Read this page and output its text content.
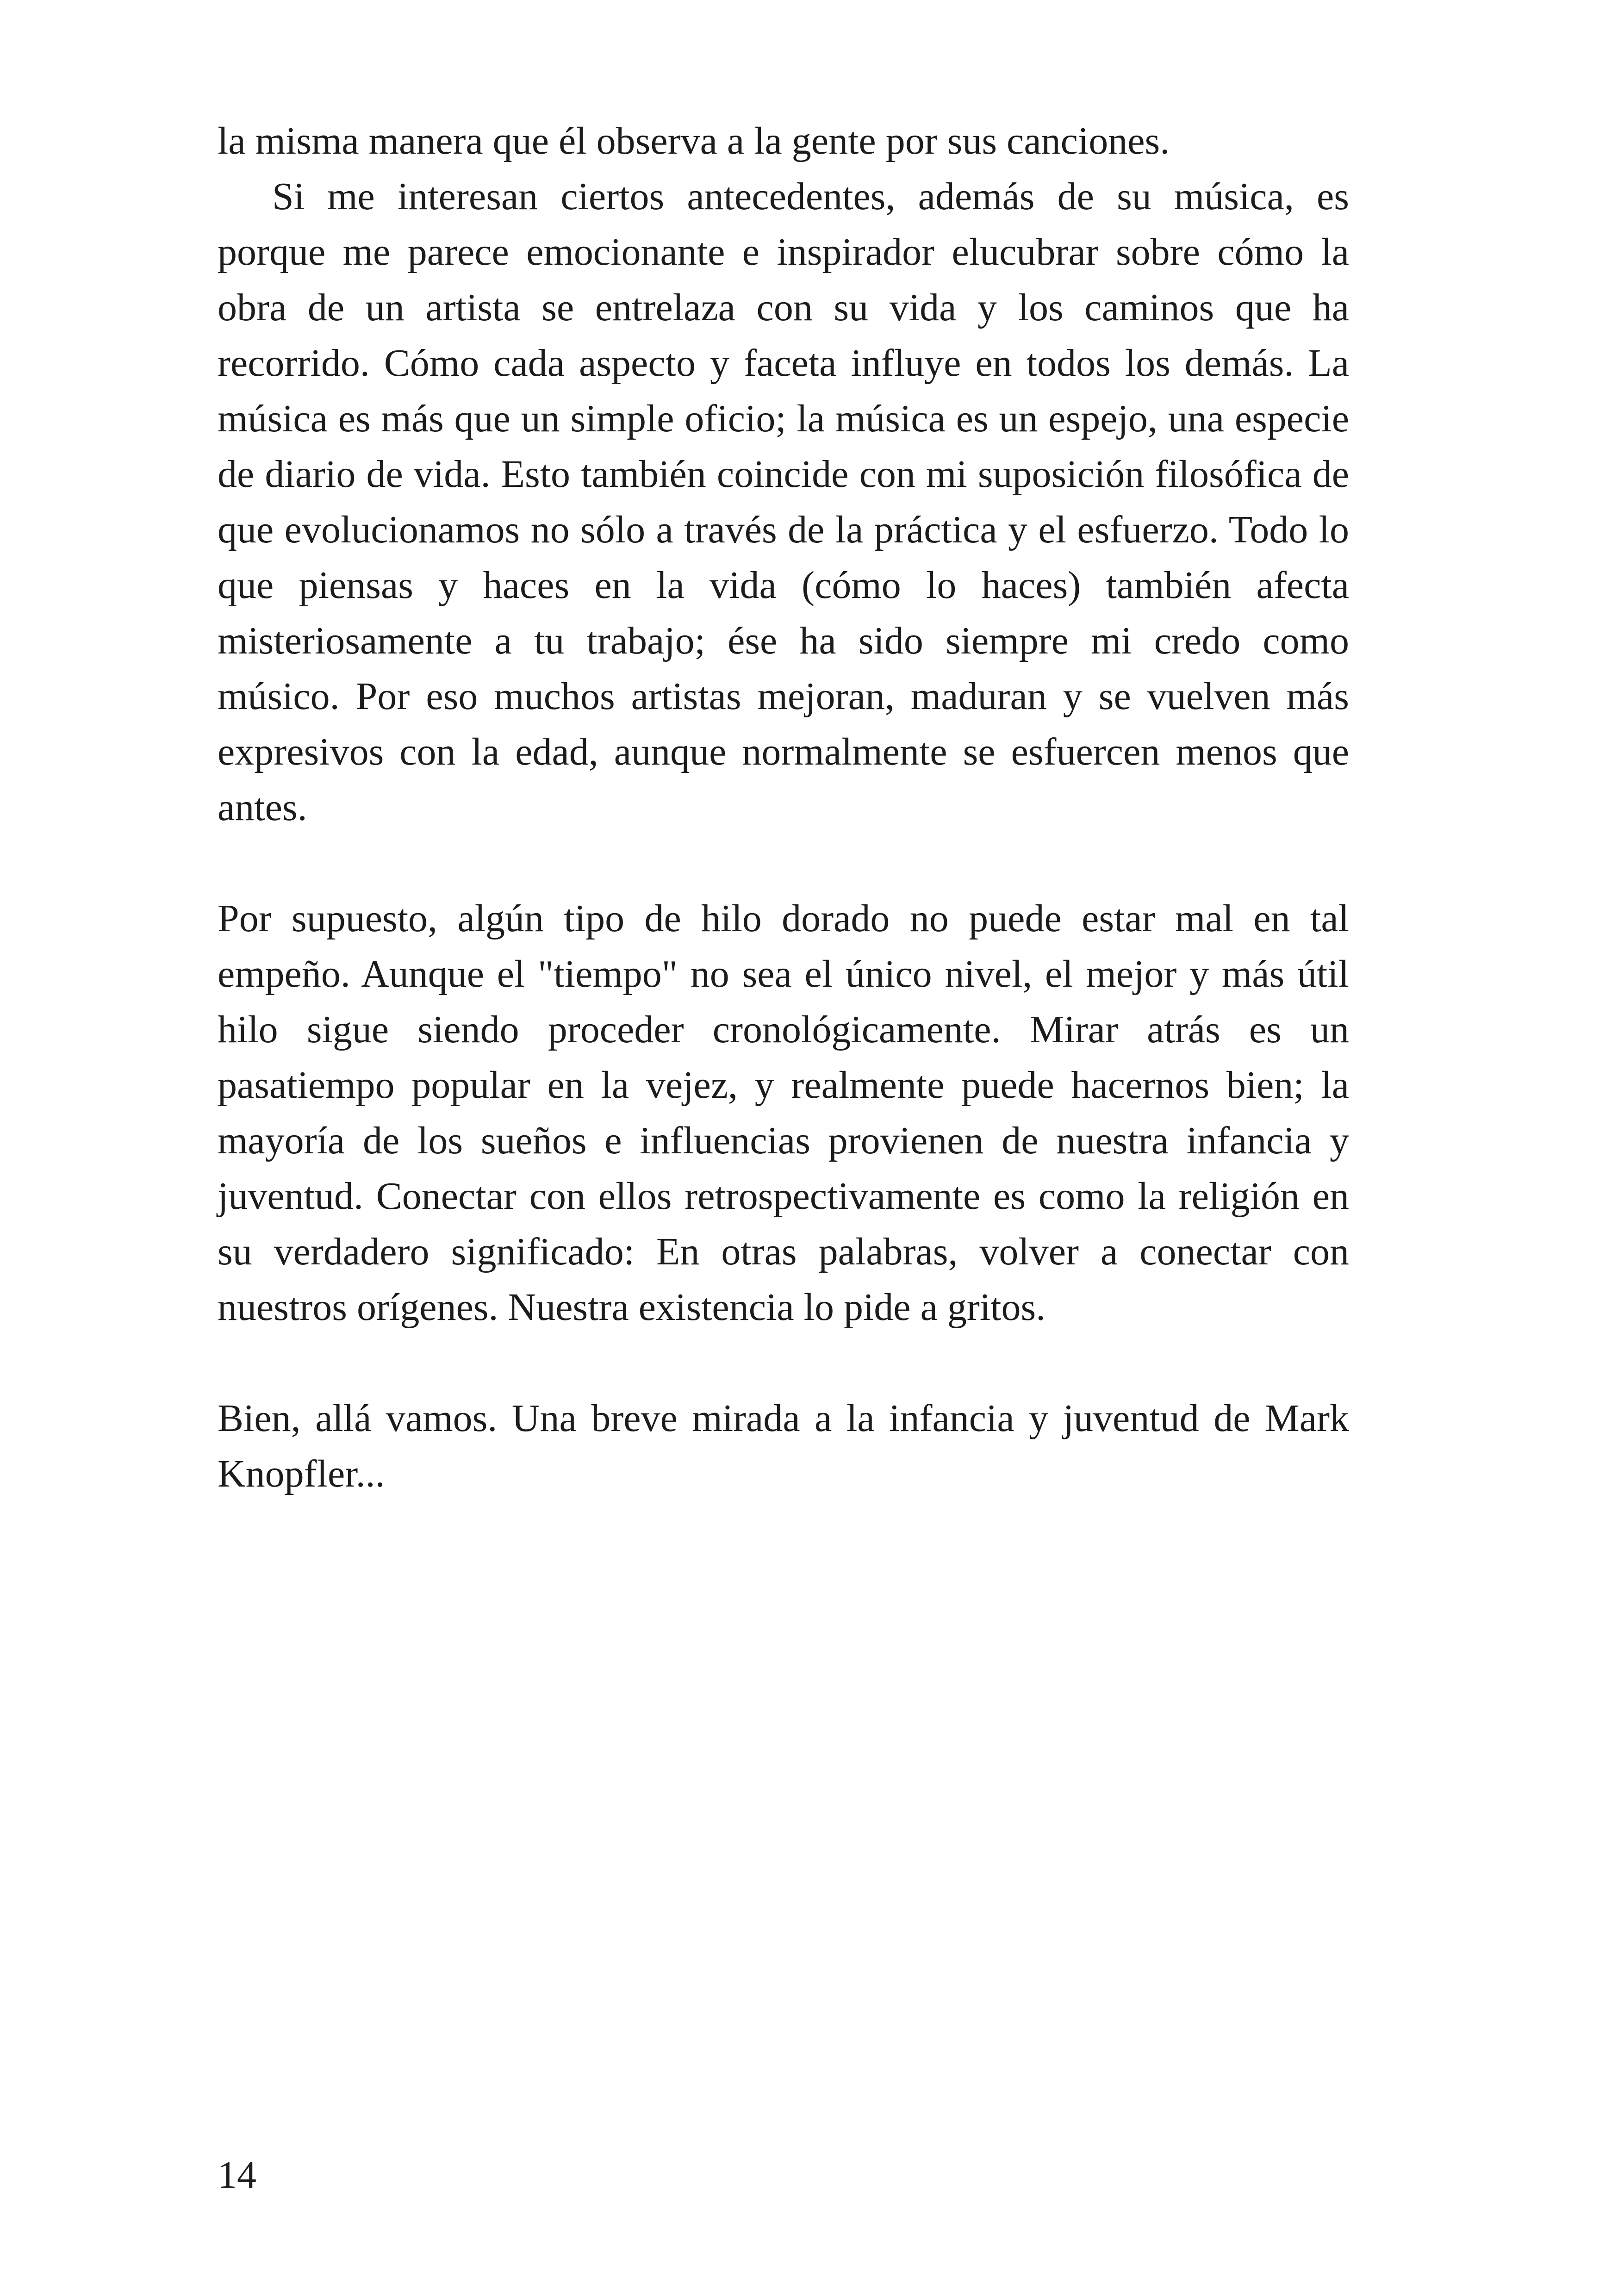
la misma manera que él observa a la gente por sus canciones.

Si me interesan ciertos antecedentes, además de su música, es porque me parece emocionante e inspirador elucubrar sobre cómo la obra de un artista se entrelaza con su vida y los caminos que ha recorrido. Cómo cada aspecto y faceta influye en todos los demás. La música es más que un simple oficio; la música es un espejo, una especie de diario de vida. Esto también coincide con mi suposición filosófica de que evolucionamos no sólo a través de la práctica y el esfuerzo. Todo lo que piensas y haces en la vida (cómo lo haces) también afecta misteriosamente a tu trabajo; ése ha sido siempre mi credo como músico. Por eso muchos artistas mejoran, maduran y se vuelven más expresivos con la edad, aunque normalmente se esfuercen menos que antes.

Por supuesto, algún tipo de hilo dorado no puede estar mal en tal empeño. Aunque el "tiempo" no sea el único nivel, el mejor y más útil hilo sigue siendo proceder cronológicamente. Mirar atrás es un pasatiempo popular en la vejez, y realmente puede hacernos bien; la mayoría de los sueños e influencias provienen de nuestra infancia y juventud. Conectar con ellos retrospectivamente es como la religión en su verdadero significado: En otras palabras, volver a conectar con nuestros orígenes. Nuestra existencia lo pide a gritos.

Bien, allá vamos. Una breve mirada a la infancia y juventud de Mark Knopfler...

14
